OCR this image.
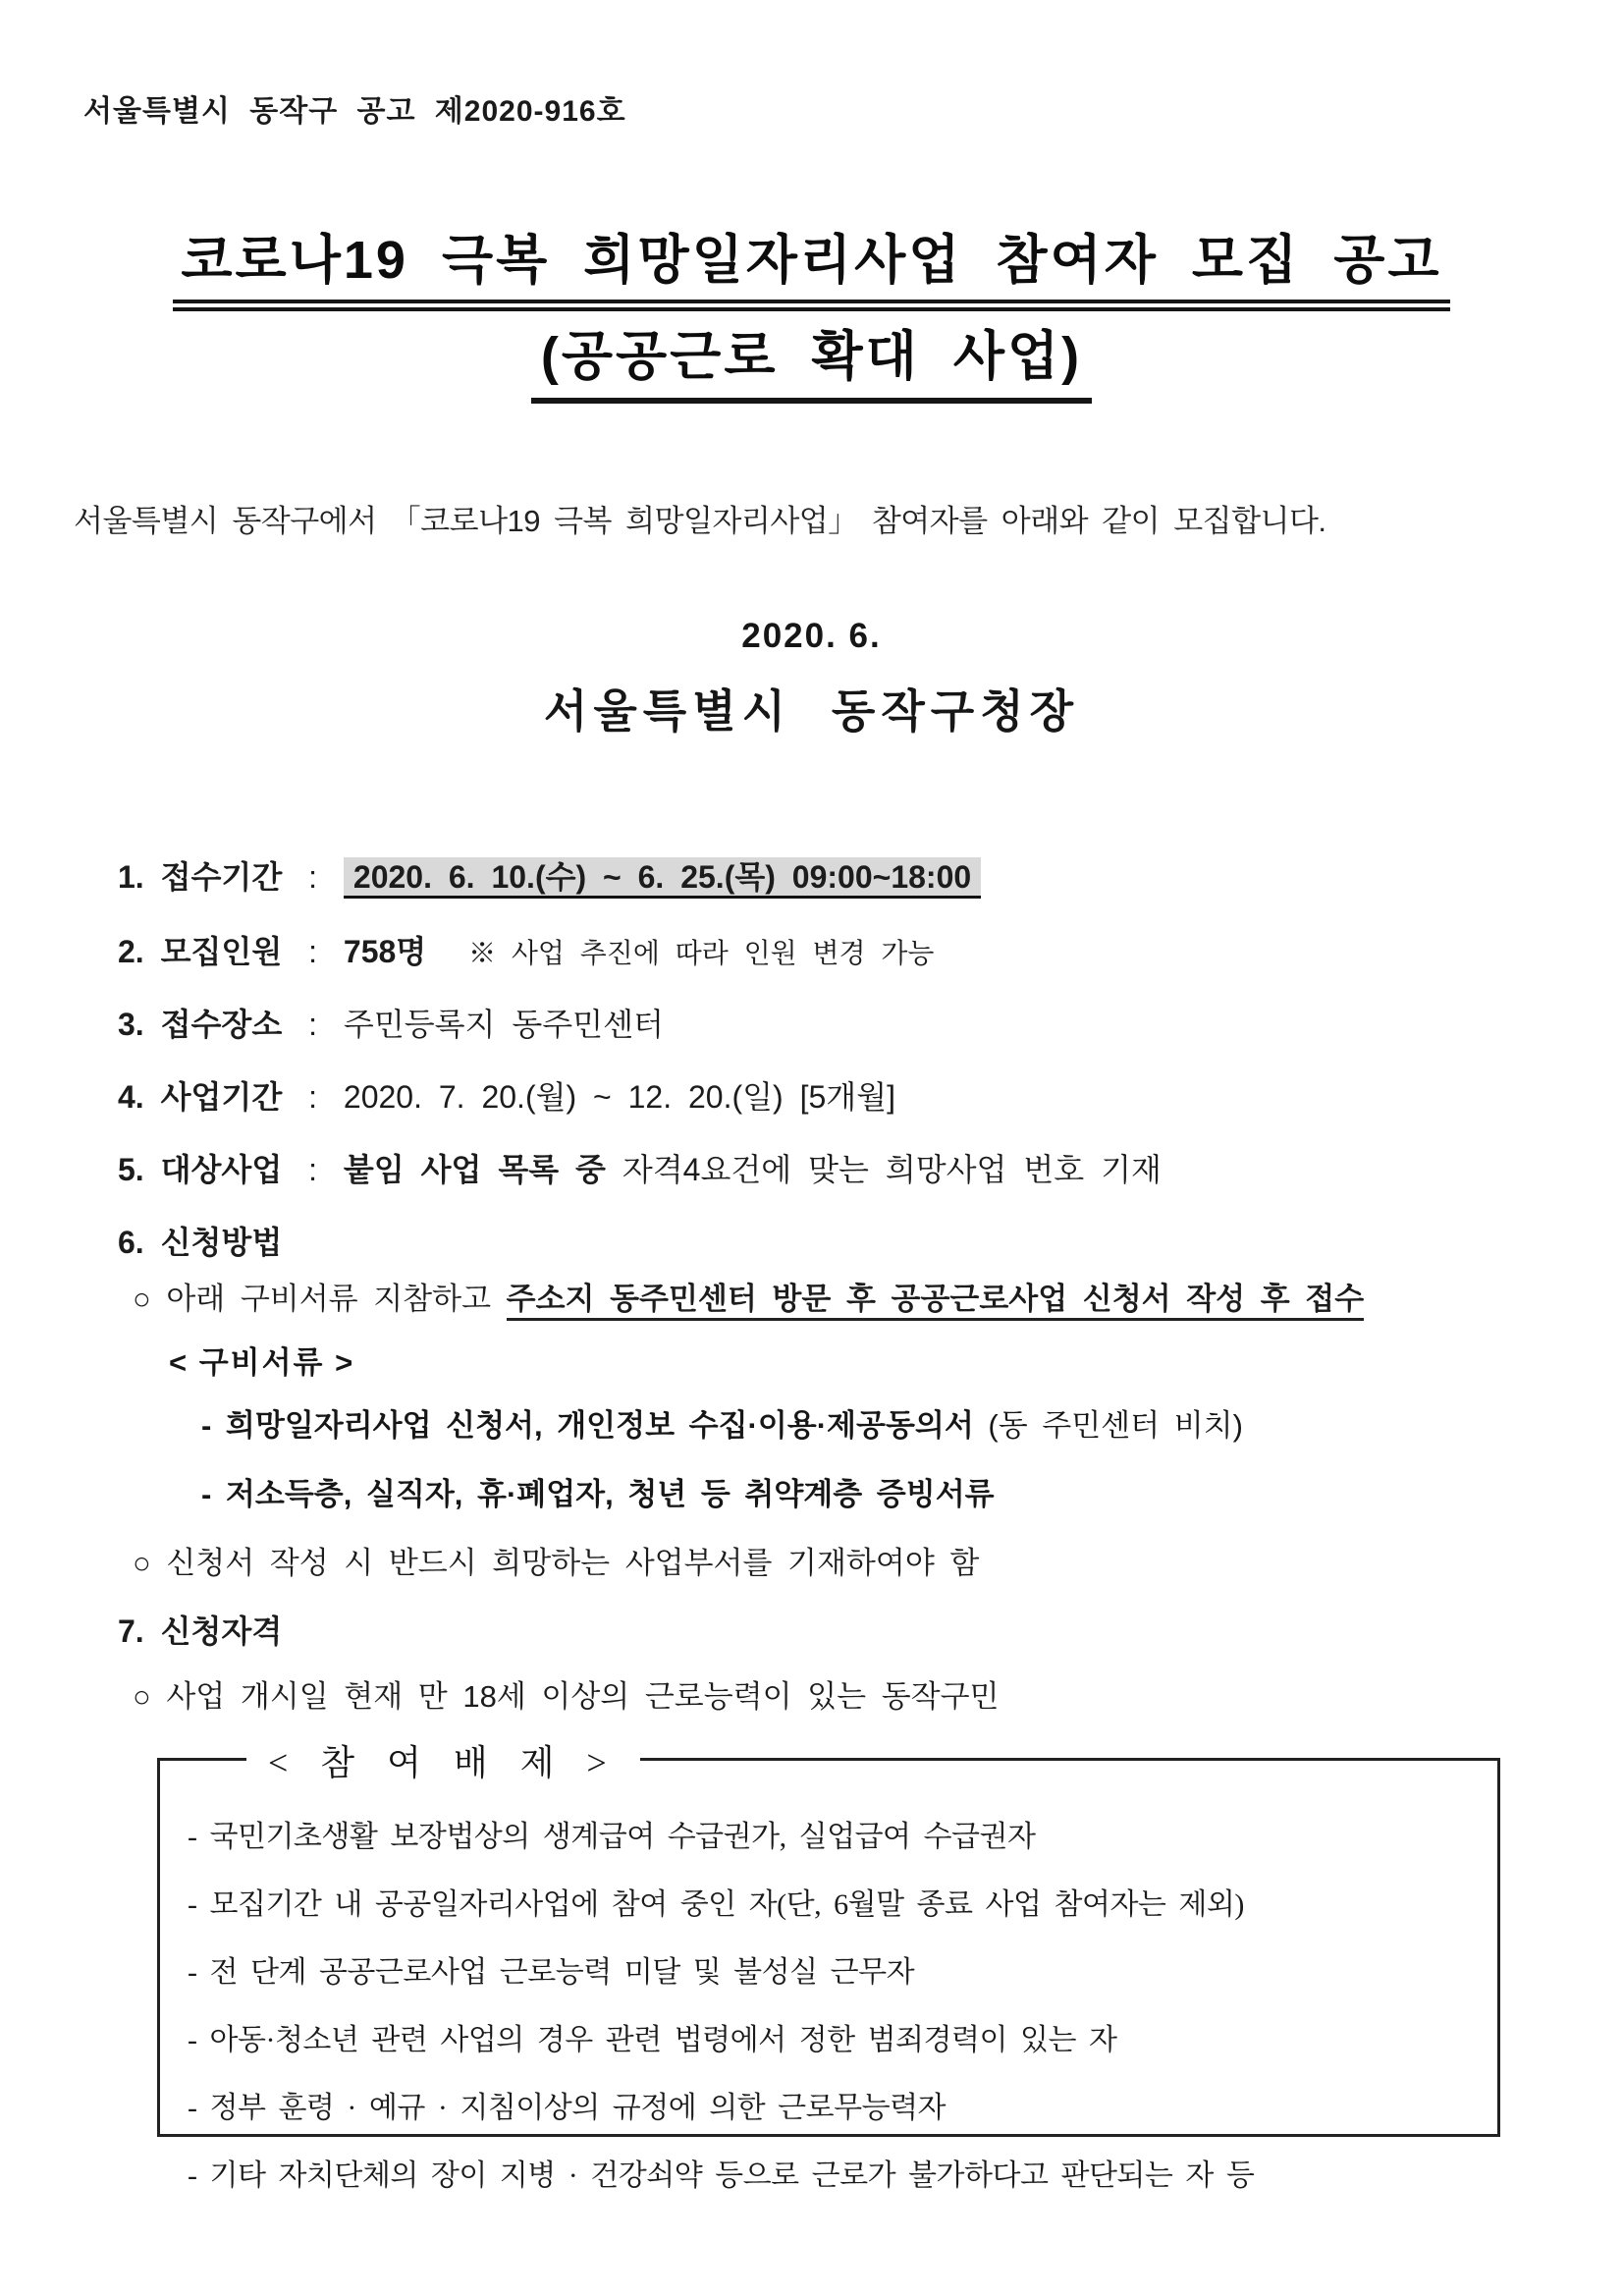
서울특별시 동작구 공고 제2020-916호
코로나19 극복 희망일자리사업 참여자 모집 공고
(공공근로 확대 사업)
서울특별시 동작구에서 「코로나19 극복 희망일자리사업」 참여자를 아래와 같이 모집합니다.
2020. 6.
서울특별시 동작구청장
1. 접수기간 : 2020. 6. 10.(수) ~ 6. 25.(목) 09:00~18:00
2. 모집인원 : 758명 ※ 사업 추진에 따라 인원 변경 가능
3. 접수장소 : 주민등록지 동주민센터
4. 사업기간 : 2020. 7. 20.(월) ~ 12. 20.(일) [5개월]
5. 대상사업 : 붙임 사업 목록 중 자격4요건에 맞는 희망사업 번호 기재
6. 신청방법
○ 아래 구비서류 지참하고 주소지 동주민센터 방문 후 공공근로사업 신청서 작성 후 접수
< 구비서류 >
- 희망일자리사업 신청서, 개인정보 수집·이용·제공동의서 (동 주민센터 비치)
- 저소득층, 실직자, 휴·폐업자, 청년 등 취약계층 증빙서류
○ 신청서 작성 시 반드시 희망하는 사업부서를 기재하여야 함
7. 신청자격
○ 사업 개시일 현재 만 18세 이상의 근로능력이 있는 동작구민
< 참 여 배 제 >
- 국민기초생활 보장법상의 생계급여 수급권가, 실업급여 수급권자
- 모집기간 내 공공일자리사업에 참여 중인 자(단, 6월말 종료 사업 참여자는 제외)
- 전 단계 공공근로사업 근로능력 미달 및 불성실 근무자
- 아동·청소년 관련 사업의 경우 관련 법령에서 정한 범죄경력이 있는 자
- 정부 훈령 · 예규 · 지침이상의 규정에 의한 근로무능력자
- 기타 자치단체의 장이 지병 · 건강쇠약 등으로 근로가 불가하다고 판단되는 자 등
